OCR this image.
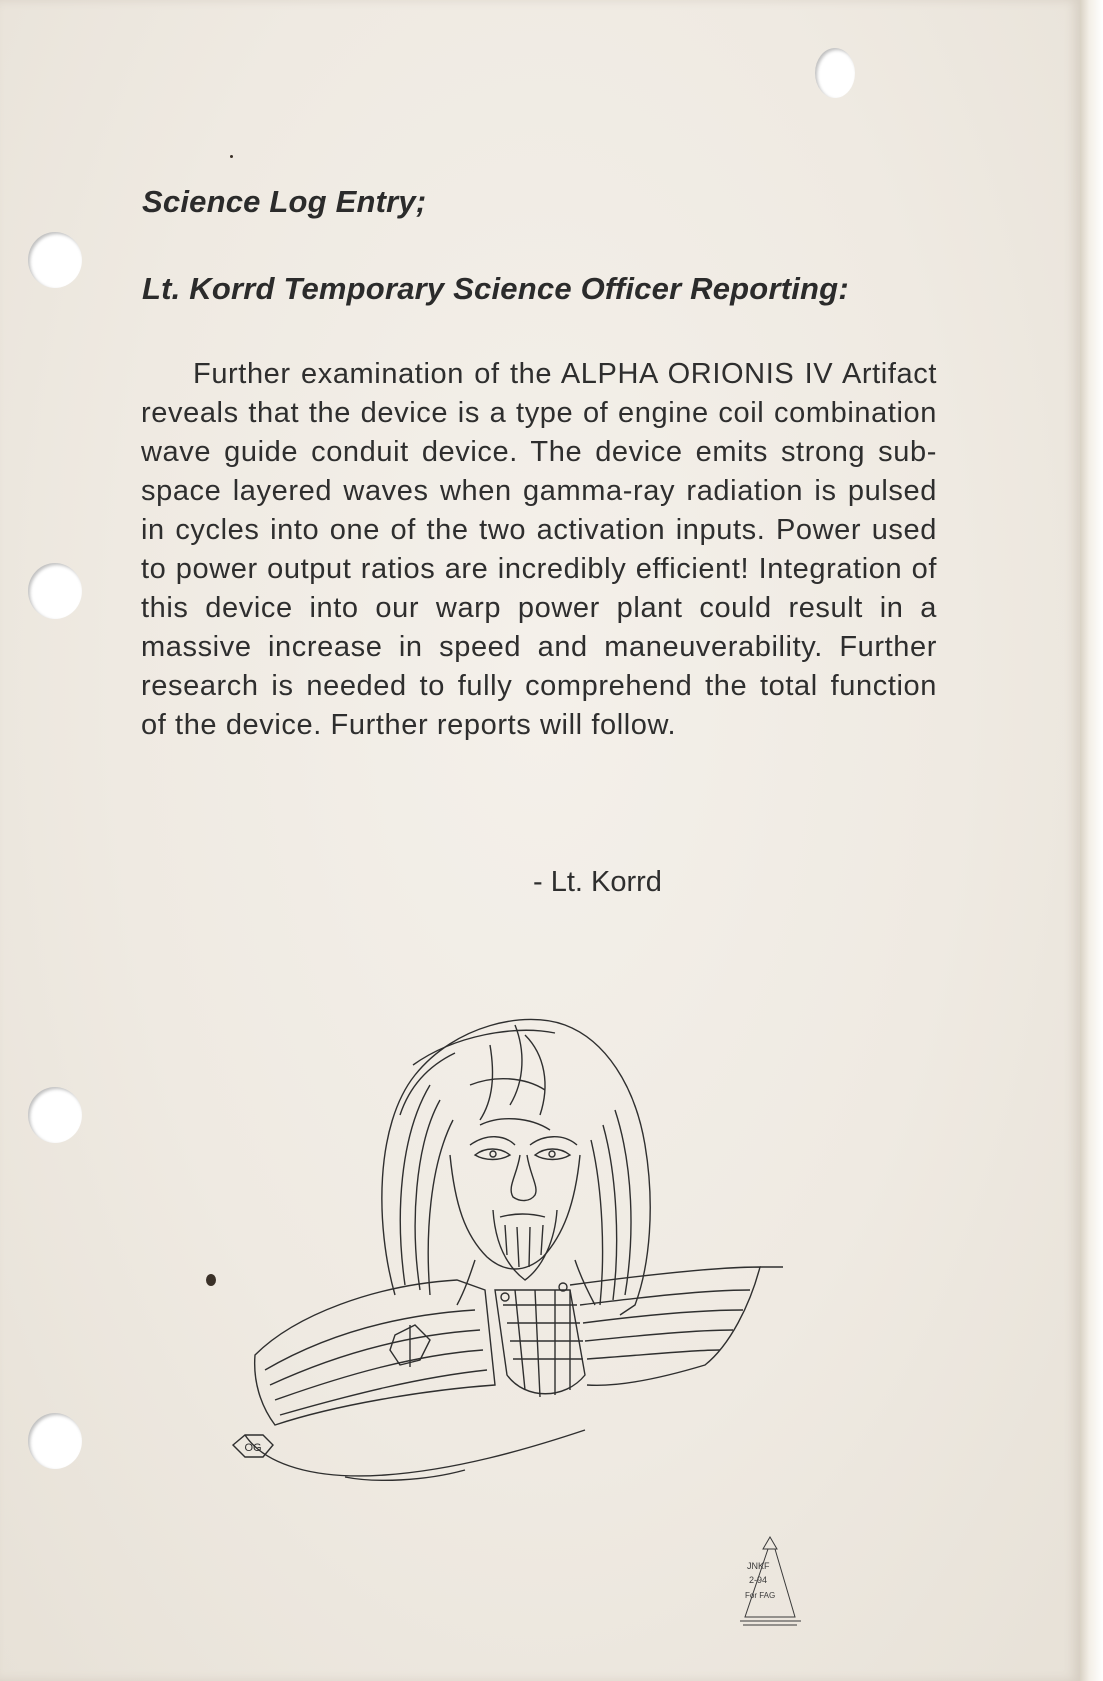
Science Log Entry;
Lt. Korrd Temporary Science Officer Reporting:

Further examination of the ALPHA ORIONIS IV Artifact reveals that the device is a type of engine coil combination wave guide conduit device. The device emits strong sub-space layered waves when gamma-ray radiation is pulsed in cycles into one of the two activation inputs. Power used to power output ratios are incredibly efficient! Integration of this device into our warp power plant could result in a massive increase in speed and maneuverability. Further research is needed to fully comprehend the total function of the device. Further reports will follow.

- Lt. Korrd

OG
JNKF
2-94
For FAG
